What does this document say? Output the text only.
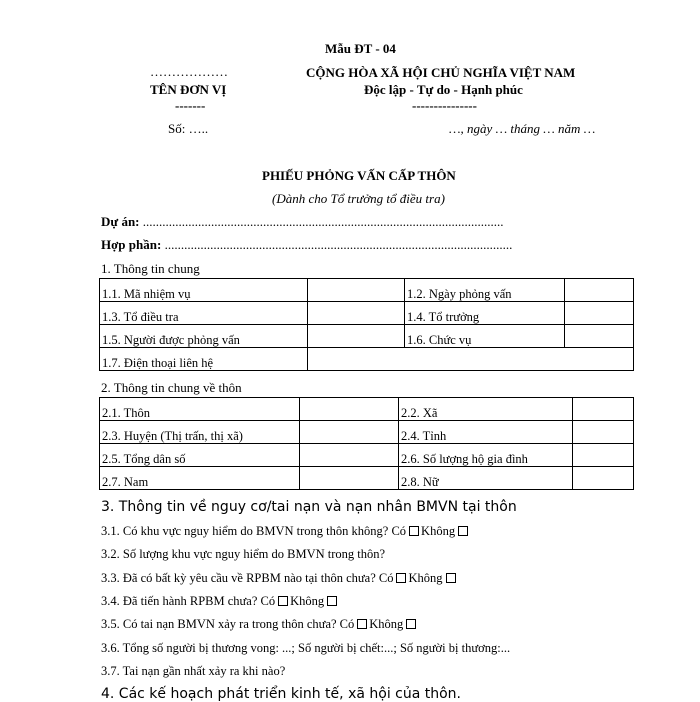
Mẫu ĐT - 04
………………
TÊN ĐƠN VỊ
-------
Số: …..
CỘNG HÒA XÃ HỘI CHỦ NGHĨA VIỆT NAM
Độc lập - Tự do - Hạnh phúc
---------------
…, ngày … tháng … năm …
PHIẾU PHỎNG VẤN CẤP THÔN
(Dành cho Tổ trưởng tổ điều tra)
Dự án: ...............................................................................................................
Hợp phần: ...........................................................................................................
1. Thông tin chung
1.1. Mã nhiệm vụ		1.2. Ngày phỏng vấn	
1.3. Tổ điều tra		1.4. Tổ trưởng	
1.5. Người được phỏng vấn		1.6. Chức vụ	
1.7. Điện thoại liên hệ			
2. Thông tin chung về thôn
2.1. Thôn		2.2. Xã	
2.3. Huyện (Thị trấn, thị xã)		2.4. Tỉnh	
2.5. Tổng dân số		2.6. Số lượng hộ gia đình	
2.7. Nam		2.8. Nữ	
3. Thông tin về nguy cơ/tai nạn và nạn nhân BMVN tại thôn
3.1. Có khu vực nguy hiểm do BMVN trong thôn không? Có Không
3.2. Số lượng khu vực nguy hiểm do BMVN trong thôn?
3.3. Đã có bất kỳ yêu cầu về RPBM nào tại thôn chưa? Có Không
3.4. Đã tiến hành RPBM chưa? Có Không
3.5. Có tai nạn BMVN xảy ra trong thôn chưa? Có Không
3.6. Tổng số người bị thương vong: ...; Số người bị chết:...; Số người bị thương:...
3.7. Tai nạn gần nhất xảy ra khi nào?
4. Các kế hoạch phát triển kinh tế, xã hội của thôn.
